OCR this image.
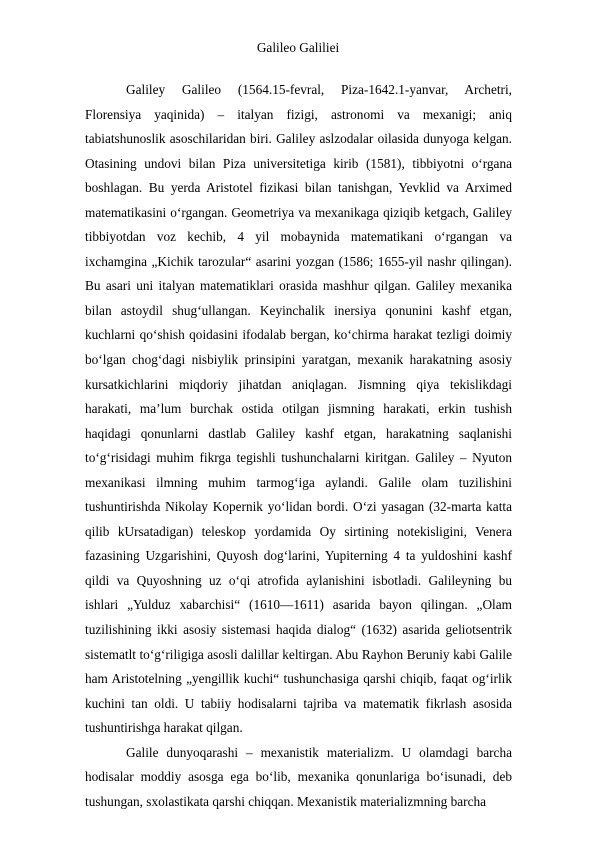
Galileo Galiliei

Galiley Galileo (1564.15-fevral, Piza-1642.1-yanvar, Archetri, Florensiya yaqinida) – italyan fizigi, astronomi va mexanigi; aniq tabiatshunoslik asoschilaridan biri. Galiley aslzodalar oilasida dunyoga kelgan. Otasining undovi bilan Piza universitetiga kirib (1581), tibbiyotni oʻrgana boshlagan. Bu yerda Aristotel fizikasi bilan tanishgan, Yevklid va Arximed matematikasini oʻrgangan. Geometriya va mexanikaga qiziqib ketgach, Galiley tibbiyotdan voz kechib, 4 yil mobaynida matematikani oʻrgangan va ixchamgina „Kichik tarozular“ asarini yozgan (1586; 1655-yil nashr qilingan). Bu asari uni italyan matematiklari orasida mashhur qilgan. Galiley mexanika bilan astoydil shugʻullangan. Keyinchalik inersiya qonunini kashf etgan, kuchlarni qoʻshish qoidasini ifodalab bergan, koʻchirma harakat tezligi doimiy boʻlgan chogʻdagi nisbiylik prinsipini yaratgan, mexanik harakatning asosiy kursatkichlarini miqdoriy jihatdan aniqlagan. Jismning qiya tekislikdagi harakati, maʼlum burchak ostida otilgan jismning harakati, erkin tushish haqidagi qonunlarni dastlab Galiley kashf etgan, harakatning saqlanishi toʻgʻrisidagi muhim fikrga tegishli tushunchalarni kiritgan. Galiley – Nyuton mexanikasi ilmning muhim tarmogʻiga aylandi. Galile olam tuzilishini tushuntirishda Nikolay Kopernik yoʻlidan bordi. Oʻzi yasagan (32-marta katta qilib kUrsatadigan) teleskop yordamida Oy sirtining notekisligini, Venera fazasining Uzgarishini, Quyosh dogʻlarini, Yupiterning 4 ta yuldoshini kashf qildi va Quyoshning uz oʻqi atrofida aylanishini isbotladi. Galileyning bu ishlari „Yulduz xabarchisi“ (1610—1611) asarida bayon qilingan. „Olam tuzilishining ikki asosiy sistemasi haqida dialog“ (1632) asarida geliotsentrik sistematlt toʻgʻriligiga asosli dalillar keltirgan. Abu Rayhon Beruniy kabi Galile ham Aristotelning „yengillik kuchi“ tushunchasiga qarshi chiqib, faqat ogʻirlik kuchini tan oldi. U tabiiy hodisalarni tajriba va matematik fikrlash asosida tushuntirishga harakat qilgan.

Galile dunyoqarashi – mexanistik materializm. U olamdagi barcha hodisalar moddiy asosga ega boʻlib, mexanika qonunlariga boʻisunadi, deb tushungan, sxolastikata qarshi chiqqan. Mexanistik materializmning barcha
